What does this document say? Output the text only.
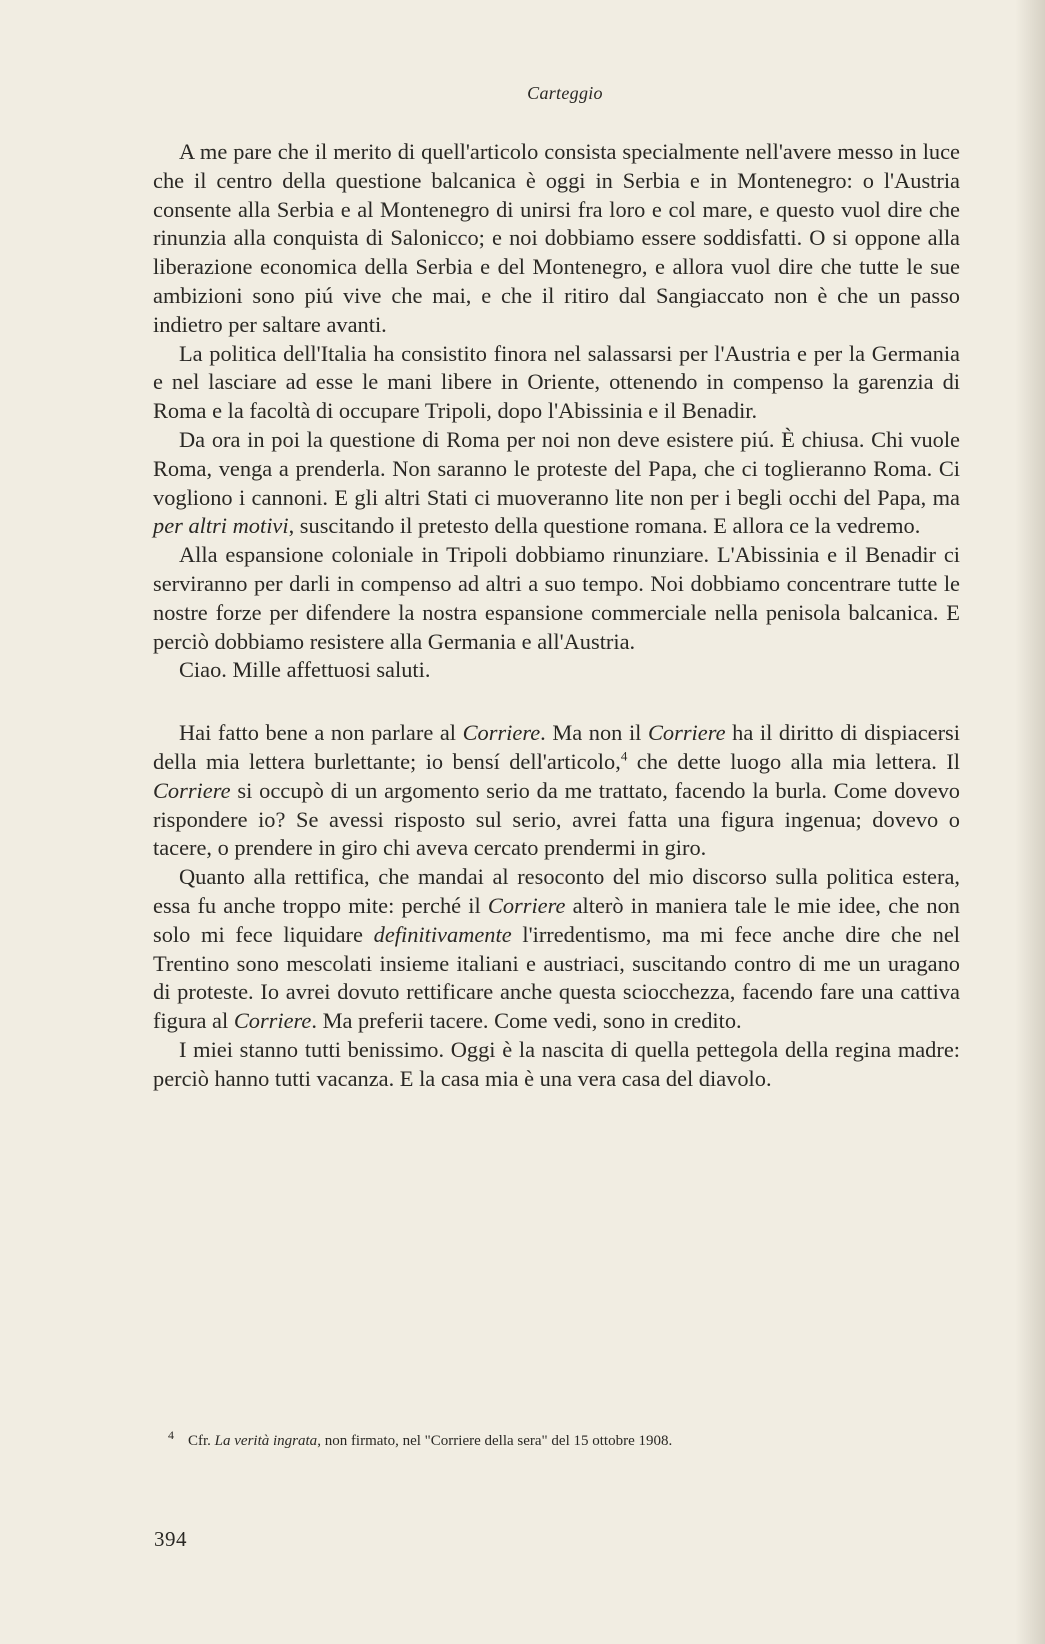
Carteggio

A me pare che il merito di quell'articolo consista specialmente nell'avere messo in luce che il centro della questione balcanica è oggi in Serbia e in Montenegro: o l'Austria consente alla Serbia e al Montenegro di unirsi fra loro e col mare, e questo vuol dire che rinunzia alla conquista di Salonicco; e noi dobbiamo essere soddisfatti. O si oppone alla liberazione economica della Serbia e del Montenegro, e allora vuol dire che tutte le sue ambizioni sono piú vive che mai, e che il ritiro dal Sangiaccato non è che un passo indietro per saltare avanti.

La politica dell'Italia ha consistito finora nel salassarsi per l'Austria e per la Germania e nel lasciare ad esse le mani libere in Oriente, ottenendo in compenso la garenzia di Roma e la facoltà di occupare Tripoli, dopo l'Abissinia e il Benadir.

Da ora in poi la questione di Roma per noi non deve esistere piú. È chiusa. Chi vuole Roma, venga a prenderla. Non saranno le proteste del Papa, che ci toglieranno Roma. Ci vogliono i cannoni. E gli altri Stati ci muoveranno lite non per i begli occhi del Papa, ma per altri motivi, suscitando il pretesto della questione romana. E allora ce la vedremo.

Alla espansione coloniale in Tripoli dobbiamo rinunziare. L'Abissinia e il Benadir ci serviranno per darli in compenso ad altri a suo tempo. Noi dobbiamo concentrare tutte le nostre forze per difendere la nostra espansione commerciale nella penisola balcanica. E perciò dobbiamo resistere alla Germania e all'Austria.

Ciao. Mille affettuosi saluti.

Hai fatto bene a non parlare al Corriere. Ma non il Corriere ha il diritto di dispiacersi della mia lettera burlettante; io bensí dell'articolo,$^4$ che dette luogo alla mia lettera. Il Corriere si occupò di un argomento serio da me trattato, facendo la burla. Come dovevo rispondere io? Se avessi risposto sul serio, avrei fatta una figura ingenua; dovevo o tacere, o prendere in giro chi aveva cercato prendermi in giro.

Quanto alla rettifica, che mandai al resoconto del mio discorso sulla politica estera, essa fu anche troppo mite: perché il Corriere alterò in maniera tale le mie idee, che non solo mi fece liquidare definitivamente l'irredentismo, ma mi fece anche dire che nel Trentino sono mescolati insieme italiani e austriaci, suscitando contro di me un uragano di proteste. Io avrei dovuto rettificare anche questa sciocchezza, facendo fare una cattiva figura al Corriere. Ma preferii tacere. Come vedi, sono in credito.

I miei stanno tutti benissimo. Oggi è la nascita di quella pettegola della regina madre: perciò hanno tutti vacanza. E la casa mia è una vera casa del diavolo.

$^4$ Cfr. La verità ingrata, non firmato, nel "Corriere della sera" del 15 ottobre 1908.
394
